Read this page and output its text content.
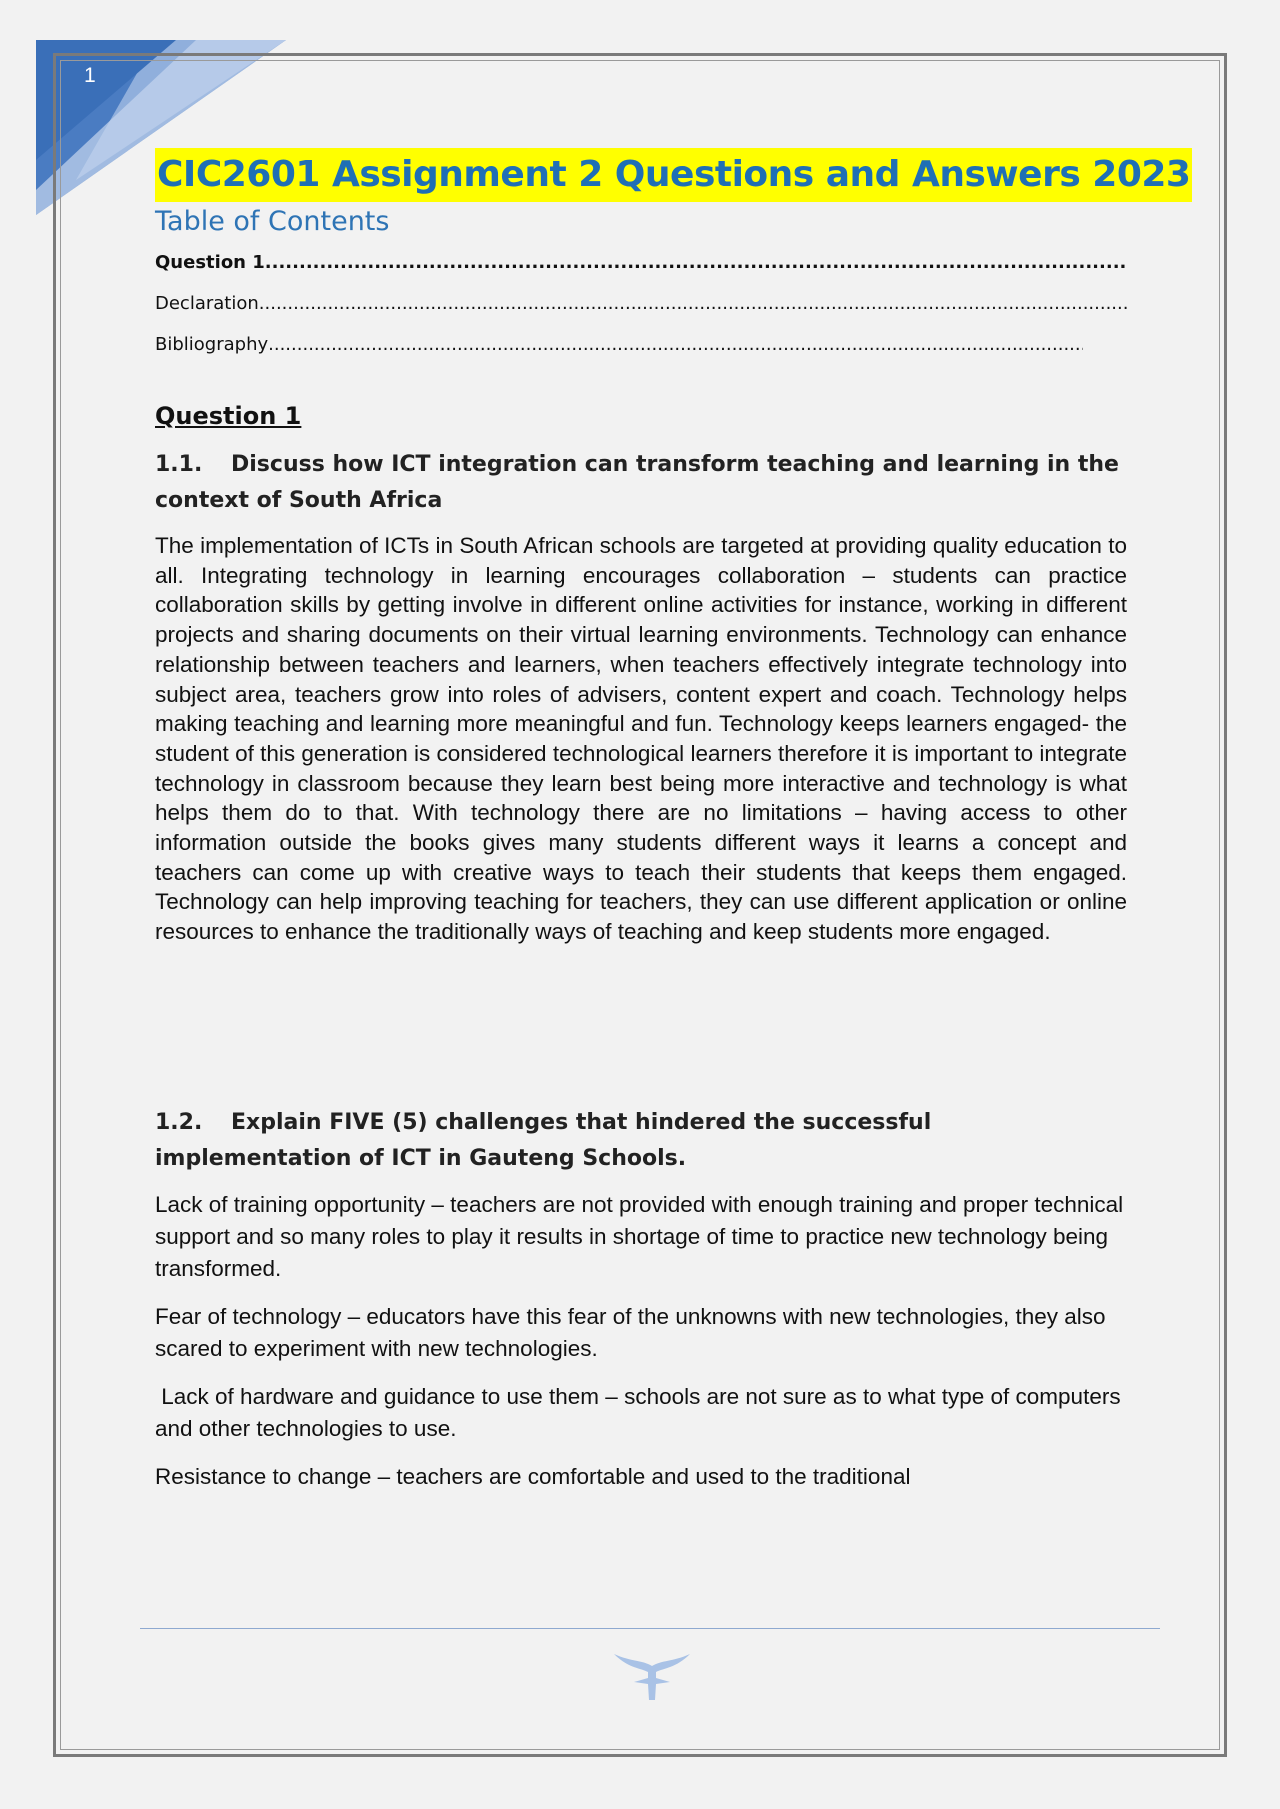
1
CIC2601 Assignment 2 Questions and Answers 2023
Table of Contents
Question 1
.....
Declaration
.....
Bibliography
.....
Question 1
1.1. Discuss how ICT integration can transform teaching and learning in the context of South Africa

The implementation of ICTs in South African schools are targeted at providing quality education to all. Integrating technology in learning encourages collaboration – students can practice collaboration skills by getting involve in different online activities for instance, working in different projects and sharing documents on their virtual learning environments. Technology can enhance relationship between teachers and learners, when teachers effectively integrate technology into subject area, teachers grow into roles of advisers, content expert and coach. Technology helps making teaching and learning more meaningful and fun. Technology keeps learners engaged- the student of this generation is considered technological learners therefore it is important to integrate technology in classroom because they learn best being more interactive and technology is what helps them do to that. With technology there are no limitations – having access to other information outside the books gives many students different ways it learns a concept and teachers can come up with creative ways to teach their students that keeps them engaged. Technology can help improving teaching for teachers, they can use different application or online resources to enhance the traditionally ways of teaching and keep students more engaged.

1.2. Explain FIVE (5) challenges that hindered the successful implementation of ICT in Gauteng Schools.

Lack of training opportunity – teachers are not provided with enough training and proper technical support and so many roles to play it results in shortage of time to practice new technology being transformed.

Fear of technology – educators have this fear of the unknowns with new technologies, they also scared to experiment with new technologies.

Lack of hardware and guidance to use them – schools are not sure as to what type of computers and other technologies to use.

Resistance to change – teachers are comfortable and used to the traditional
